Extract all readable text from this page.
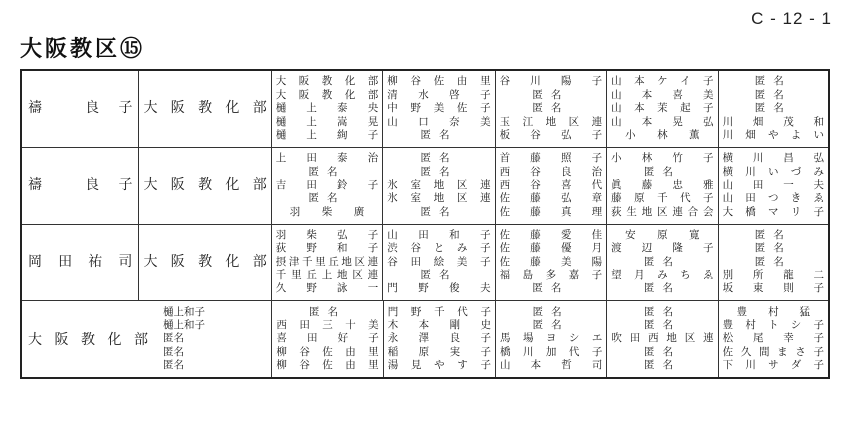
C - 12 - 1
大阪教区⑮
禱
	良 子 大 阪 教 化 部
大 阪 教 化 部
大 阪 教 化 部
樋 上 泰 央
樋 上 嵩 晃
樋 上 絢 子
柳 谷 佐 由 里
清 水 啓 子
中 野 美 佐 子
山 口 奈 美
匿 名
谷 川 陽 子
匿 名
匿 名
玉 江 地 区 連
板 谷 弘 子
山 本 ケ イ 子
山 本 喜 美
山 本 茉 起 子
山 本 晃 弘
小 林 薫
匿 名
匿 名
匿 名
川 畑 茂 和
川 畑 や よ い
禱
	良 子 大 阪 教 化 部
上 田 泰 治
匿 名
吉 田 鈴 子
匿 名
羽 柴 廣
匿 名
匿 名
氷 室 地 区 連
氷 室 地 区 連
匿 名
首 藤 照 子
西 谷 良 治
西 谷 喜 代
佐 藤 弘 章
佐 藤 真 理
小 林 竹 子
匿 名
眞 藤 忠 雅
藤 原 千 代 子
荻 生 地 区 連 合 会
横 川 昌 弘
横 川 い づ み
山 田 一 夫
山 田 つ き ゑ
大 橋 マ リ 子
岡 田 祐 司 大 阪 教 化 部
羽 柴 弘 子
荻 野 和 子
摂 津 千 里 丘 地 区 連
千 里 丘 上 地 区 連
久 野 詠 一
山 田 和 子
渋 谷 と み 子
谷 田 絵 美 子
匿 名
門 野 俊 夫
佐 藤 愛 佳
佐 藤 優 月
佐 藤 美 陽
福 島 多 嘉 子
匿 名
安 原 寛
渡 辺 隆 子
匿 名
望 月 み ち ゑ
匿 名
匿 名
匿 名
匿 名
別 所 龍 二
坂 東 則 子
大 阪 教 化 部
樋上和子
樋上和子
匿名
匿名
匿名
匿 名
西 田 三 十 美
喜 田 好 子
柳 谷 佐 由 里
柳 谷 佐 由 里
門 野 千 代 子
木 本 剛 史
永 澤 良 子
稲 原 実 子
湯 見 や す 子
匿 名
匿 名
馬 場 ヨ シ エ
橋 川 加 代 子
山 本 哲 司
匿 名
匿 名
吹 田 西 地 区 連
匿 名
匿 名
豊 村 猛
豊 村 ト シ 子
松 尾 幸 子
佐 久 間 ま さ 子
下 川 サ ダ 子
